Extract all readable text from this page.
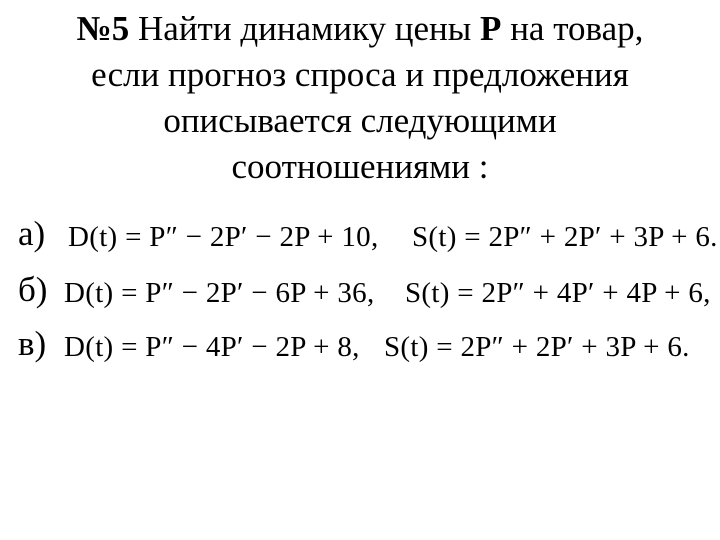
№5 Найти динамику цены P на товар,
если прогноз спроса и предложения
описывается следующими
соотношениями :
а) D(t) = P″ − 2P′ − 2P + 10, S(t) = 2P″ + 2P′ + 3P + 6.
б) D(t) = P″ − 2P′ − 6P + 36, S(t) = 2P″ + 4P′ + 4P + 6,
в) D(t) = P″ − 4P′ − 2P + 8, S(t) = 2P″ + 2P′ + 3P + 6.
